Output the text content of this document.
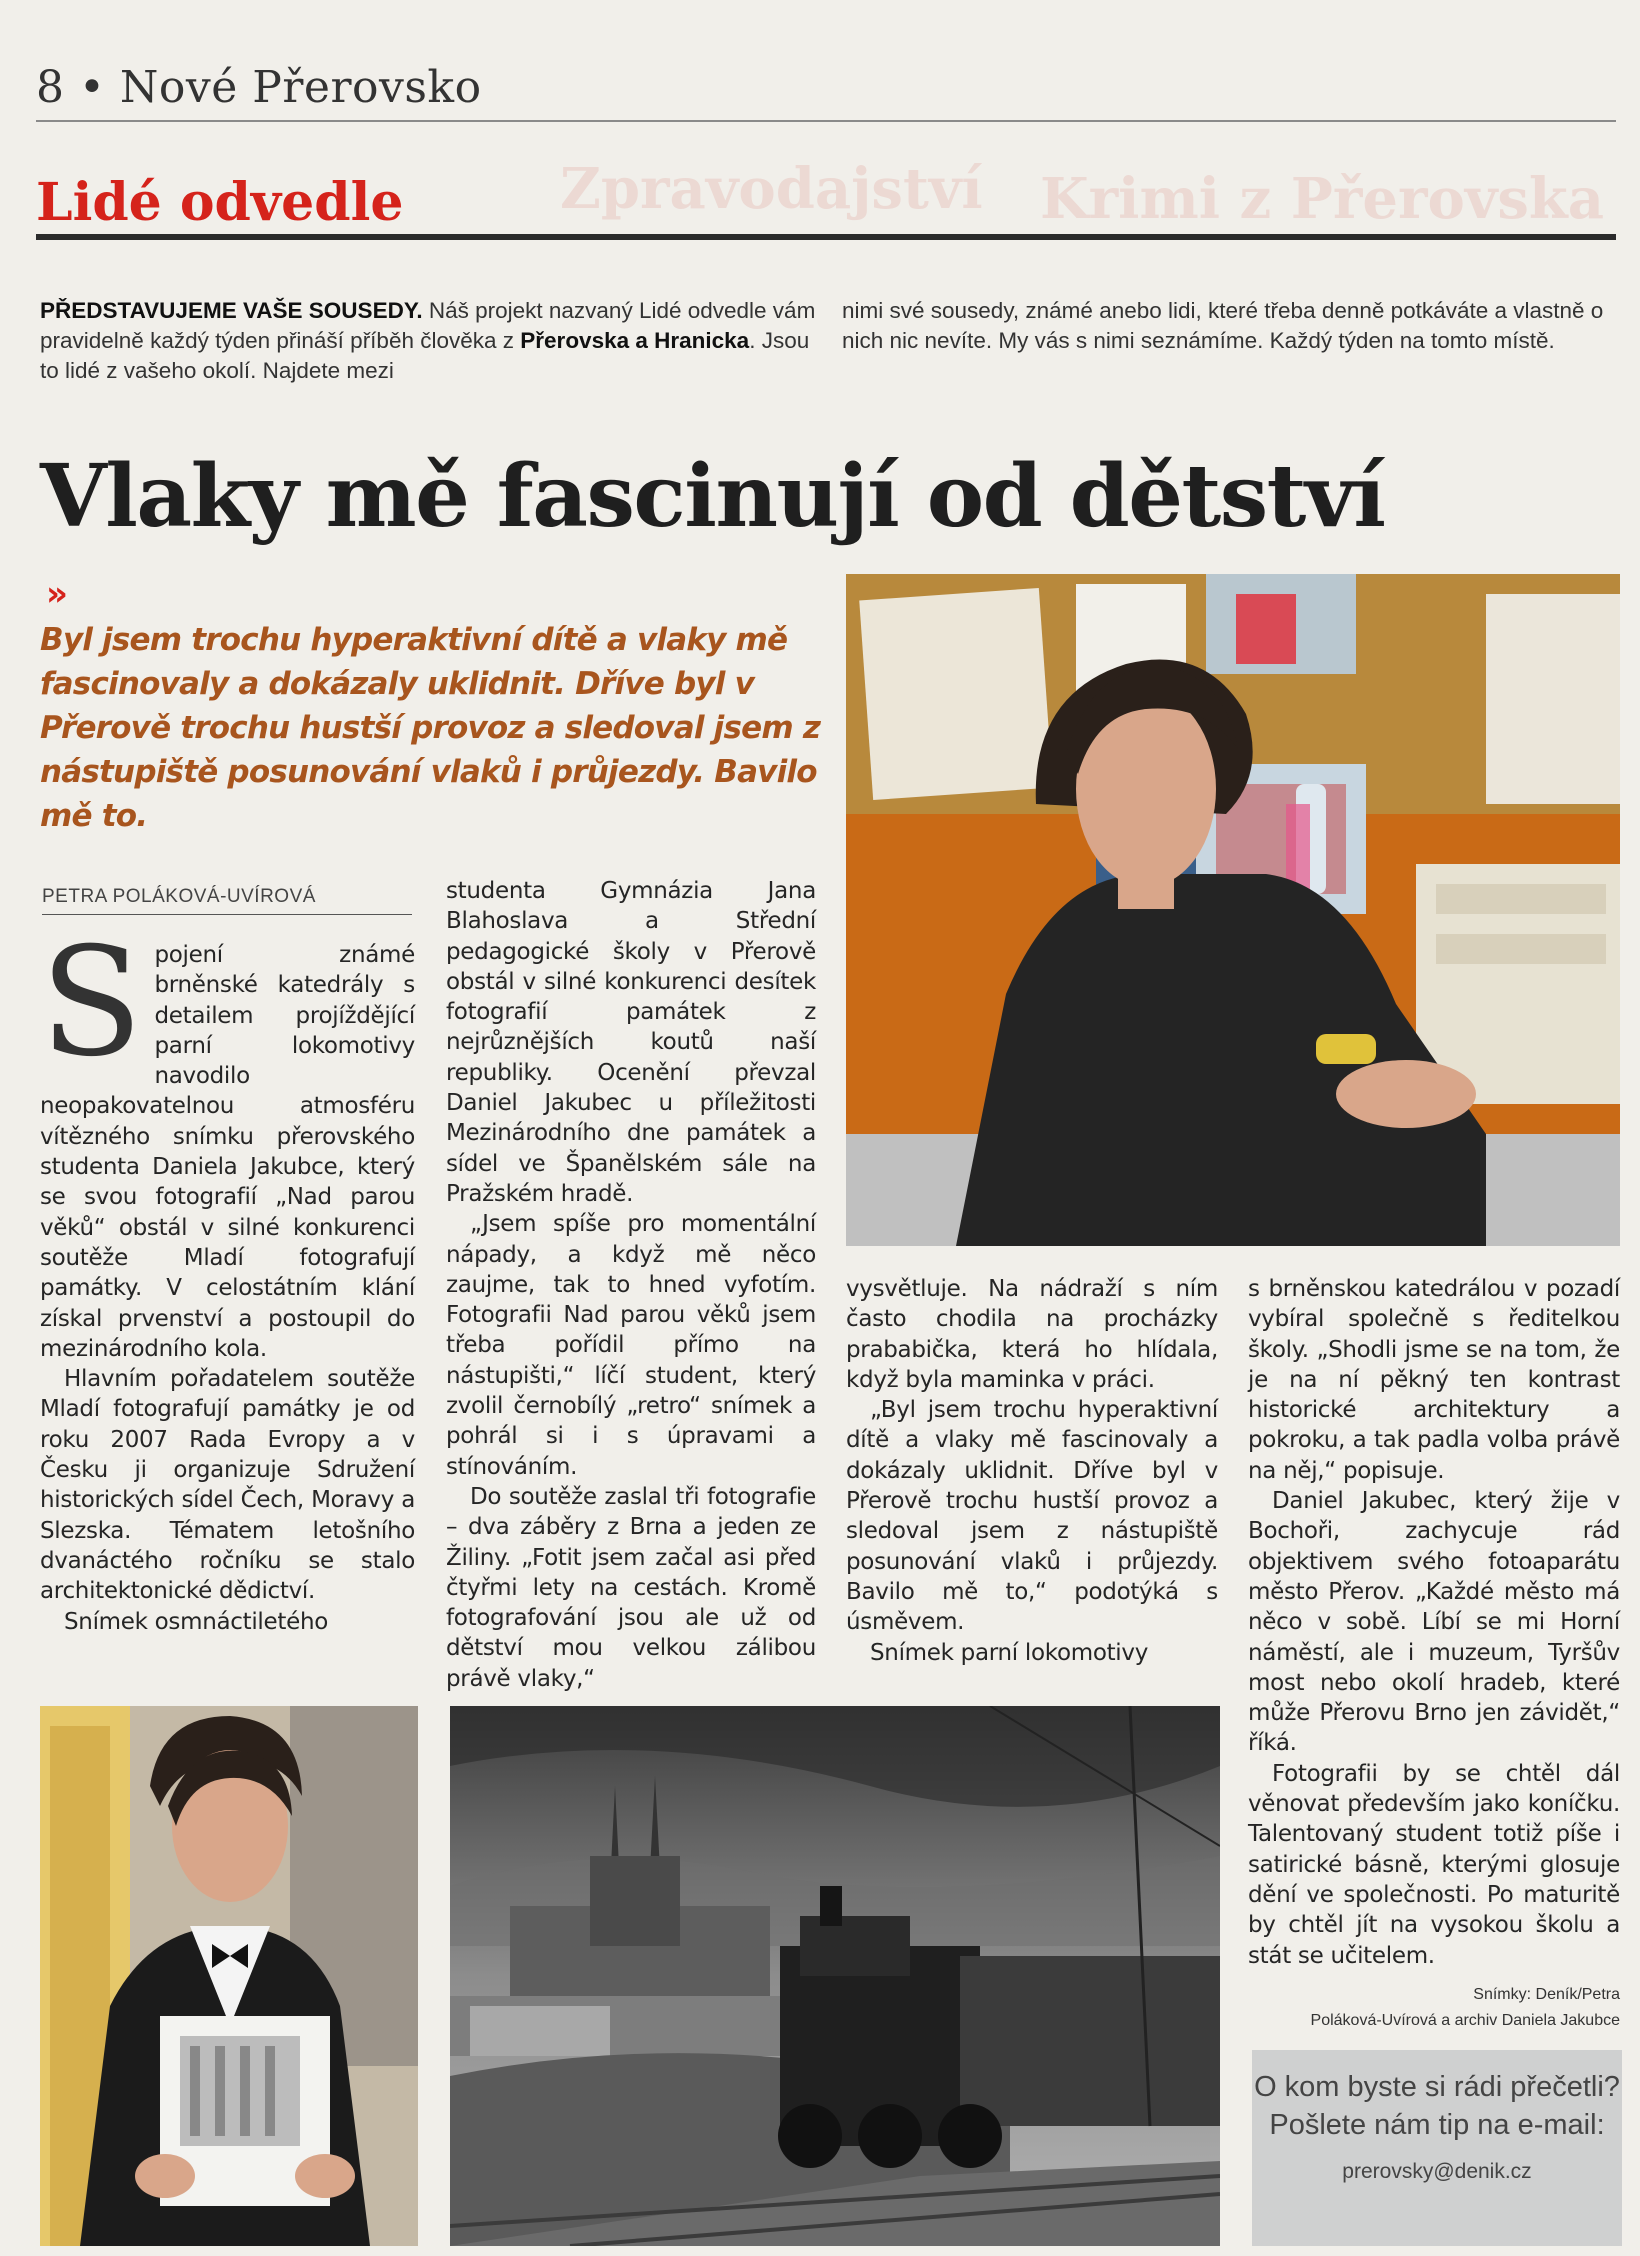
Zpravodajství Krimi z Přerovska
8 • Nové Přerovsko
Lidé odvedle
PŘEDSTAVUJEME VAŠE SOUSEDY. Náš projekt nazvaný Lidé odvedle vám pravidelně každý týden přináší příběh člověka z Přerovska a Hranicka. Jsou to lidé z vašeho okolí. Najdete mezi
nimi své sousedy, známé anebo lidi, které třeba denně potkáváte a vlastně o nich nic nevíte. My vás s nimi seznámíme. Každý týden na tomto místě.
Vlaky mě fascinují od dětství
»
Byl jsem trochu hyperaktivní dítě a vlaky mě fascinovaly a dokázaly uklidnit. Dříve byl v Přerově trochu hustší provoz a sledoval jsem z nástupiště posunování vlaků i průjezdy. Bavilo mě to.
PETRA POLÁKOVÁ-UVÍROVÁ
S pojení známé brněnské katedrály s detailem projíždějící parní lokomotivy navodilo neopakovatelnou atmosféru vítězného snímku přerovského studenta Daniela Jakubce, který se svou fotografií „Nad parou věků“ obstál v silné konkurenci soutěže Mladí fotografují památky. V celostátním klání získal prvenství a postoupil do mezinárodního kola.

Hlavním pořadatelem soutěže Mladí fotografují památky je od roku 2007 Rada Evropy a v Česku ji organizuje Sdružení historických sídel Čech, Moravy a Slezska. Tématem letošního dvanáctého ročníku se stalo architektonické dědictví.

Snímek osmnáctiletého

studenta Gymnázia Jana Blahoslava a Střední pedagogické školy v Přerově obstál v silné konkurenci desítek fotografií památek z nejrůznějších koutů naší republiky. Ocenění převzal Daniel Jakubec u příležitosti Mezinárodního dne památek a sídel ve Španělském sále na Pražském hradě.

„Jsem spíše pro momentální nápady, a když mě něco zaujme, tak to hned vyfotím. Fotografii Nad parou věků jsem třeba pořídil přímo na nástupišti,“ líčí student, který zvolil černobílý „retro“ snímek a pohrál si i s úpravami a stínováním.

Do soutěže zaslal tři fotografie – dva záběry z Brna a jeden ze Žiliny. „Fotit jsem začal asi před čtyřmi lety na cestách. Kromě fotografování jsou ale už od dětství mou velkou zálibou právě vlaky,“

vysvětluje. Na nádraží s ním často chodila na procházky prababička, která ho hlídala, když byla maminka v práci.

„Byl jsem trochu hyperaktivní dítě a vlaky mě fascinovaly a dokázaly uklidnit. Dříve byl v Přerově trochu hustší provoz a sledoval jsem z nástupiště posunování vlaků i průjezdy. Bavilo mě to,“ podotýká s úsměvem.

Snímek parní lokomotivy

s brněnskou katedrálou v pozadí vybíral společně s ředitelkou školy. „Shodli jsme se na tom, že je na ní pěkný ten kontrast historické architektury a pokroku, a tak padla volba právě na něj,“ popisuje.

Daniel Jakubec, který žije v Bochoři, zachycuje rád objektivem svého fotoaparátu město Přerov. „Každé město má něco v sobě. Líbí se mi Horní náměstí, ale i muzeum, Tyršův most nebo okolí hradeb, které může Přerovu Brno jen závidět,“ říká.

Fotografii by se chtěl dál věnovat především jako koníčku. Talentovaný student totiž píše i satirické básně, kterými glosuje dění ve společnosti. Po maturitě by chtěl jít na vysokou školu a stát se učitelem.

Snímky: Deník/Petra
Poláková-Uvírová a archiv Daniela Jakubce
O kom byste si rádi přečetli? Pošlete nám tip na e-mail:
prerovsky@denik.cz
